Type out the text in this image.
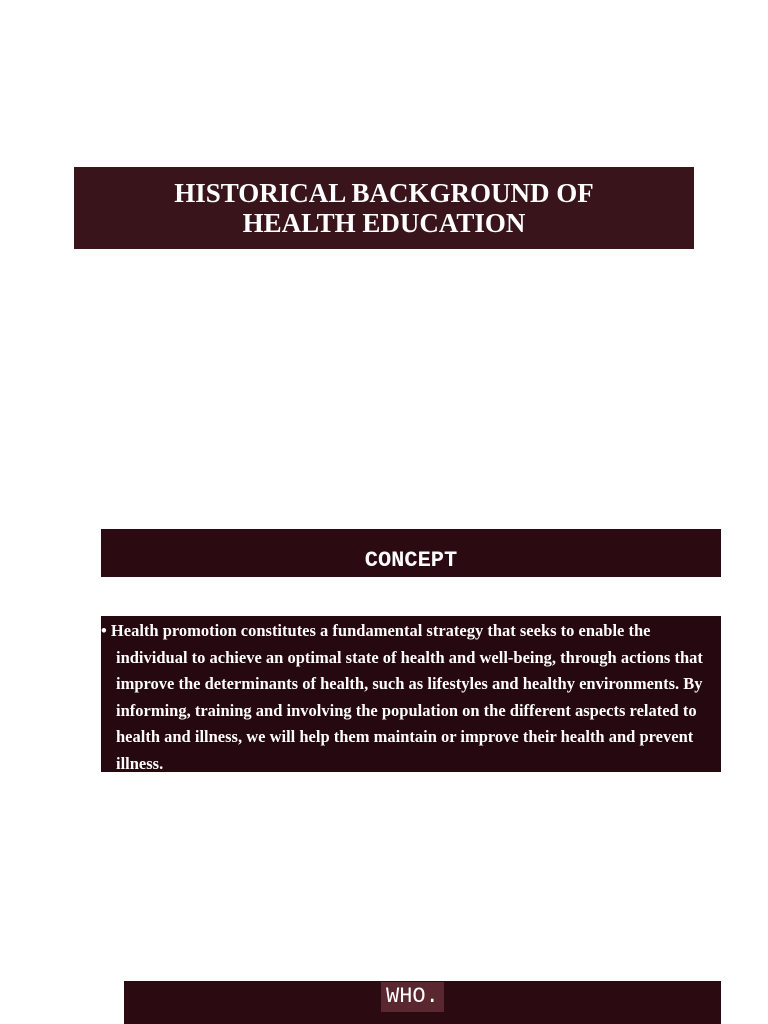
HISTORICAL BACKGROUND OF
HEALTH EDUCATION
CONCEPT

• Health promotion constitutes a fundamental strategy that seeks to enable the individual to achieve an optimal state of health and well-being, through actions that improve the determinants of health, such as lifestyles and healthy environments. By informing, training and involving the population on the different aspects related to health and illness, we will help them maintain or improve their health and prevent illness.

WHO.
